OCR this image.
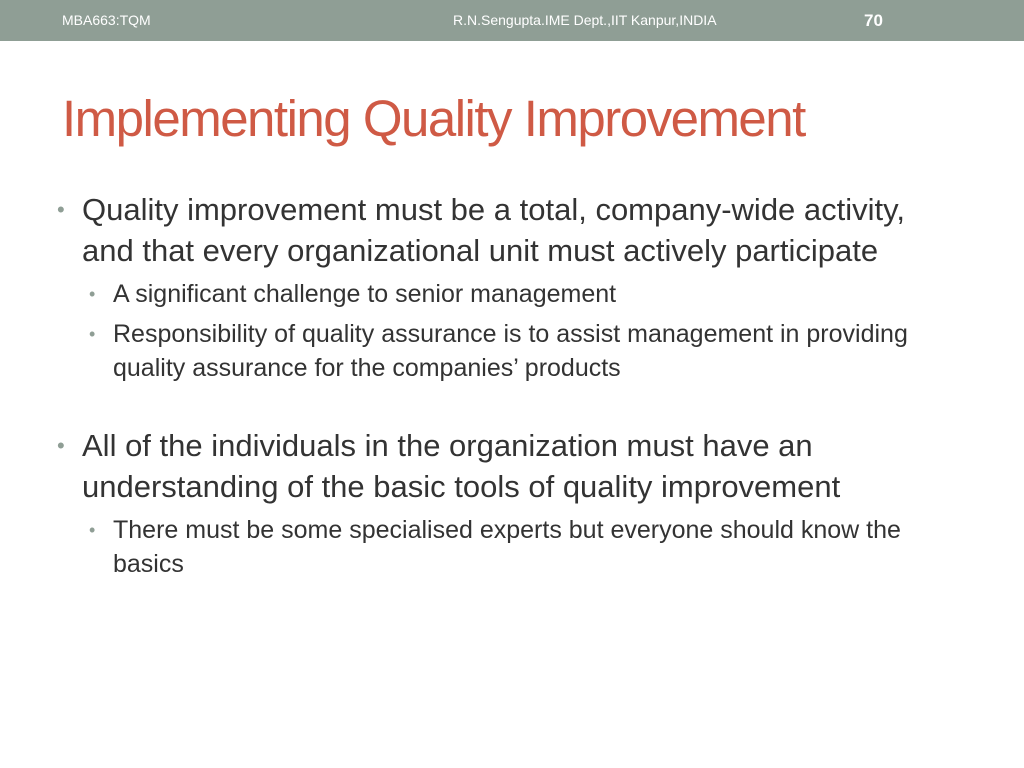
MBA663:TQM	R.N.Sengupta.IME Dept.,IIT Kanpur,INDIA	70
Implementing Quality Improvement
• Quality improvement must be a total, company-wide activity, and that every organizational unit must actively participate
• A significant challenge to senior management
• Responsibility of quality assurance is to assist management in providing quality assurance for the companies’ products
• All of the individuals in the organization must have an understanding of the basic tools of quality improvement
• There must be some specialised experts but everyone should know the basics
